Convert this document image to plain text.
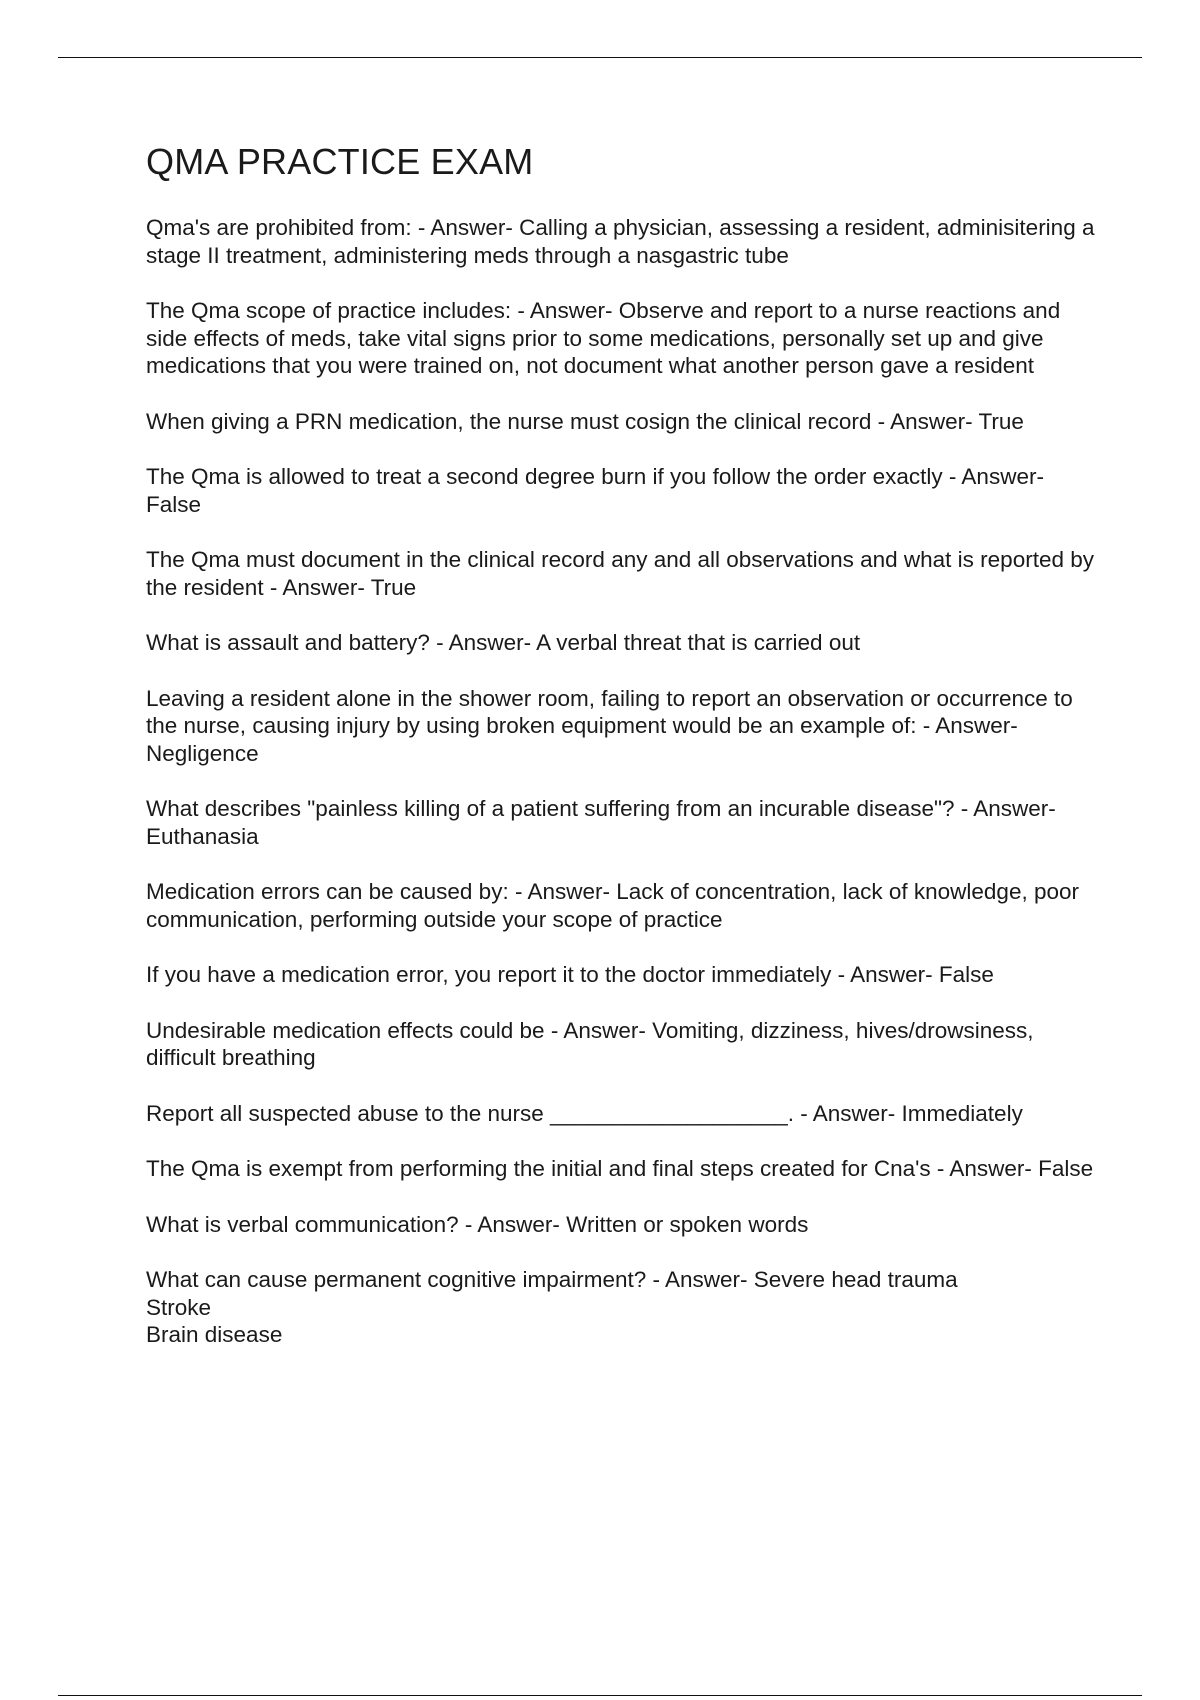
QMA PRACTICE EXAM

Qma's are prohibited from: - Answer- Calling a physician, assessing a resident, adminisitering a stage II treatment, administering meds through a nasgastric tube

The Qma scope of practice includes: - Answer- Observe and report to a nurse reactions and side effects of meds, take vital signs prior to some medications, personally set up and give medications that you were trained on, not document what another person gave a resident

When giving a PRN medication, the nurse must cosign the clinical record - Answer- True

The Qma is allowed to treat a second degree burn if you follow the order exactly - Answer- False

The Qma must document in the clinical record any and all observations and what is reported by the resident - Answer- True

What is assault and battery? - Answer- A verbal threat that is carried out

Leaving a resident alone in the shower room, failing to report an observation or occurrence to the nurse, causing injury by using broken equipment would be an example of: - Answer- Negligence

What describes "painless killing of a patient suffering from an incurable disease"? - Answer- Euthanasia

Medication errors can be caused by: - Answer- Lack of concentration, lack of knowledge, poor communication, performing outside your scope of practice

If you have a medication error, you report it to the doctor immediately - Answer- False

Undesirable medication effects could be - Answer- Vomiting, dizziness, hives/drowsiness, difficult breathing

Report all suspected abuse to the nurse ___________________. - Answer- Immediately

The Qma is exempt from performing the initial and final steps created for Cna's - Answer- False

What is verbal communication? - Answer- Written or spoken words

What can cause permanent cognitive impairment? - Answer- Severe head trauma
Stroke
Brain disease
